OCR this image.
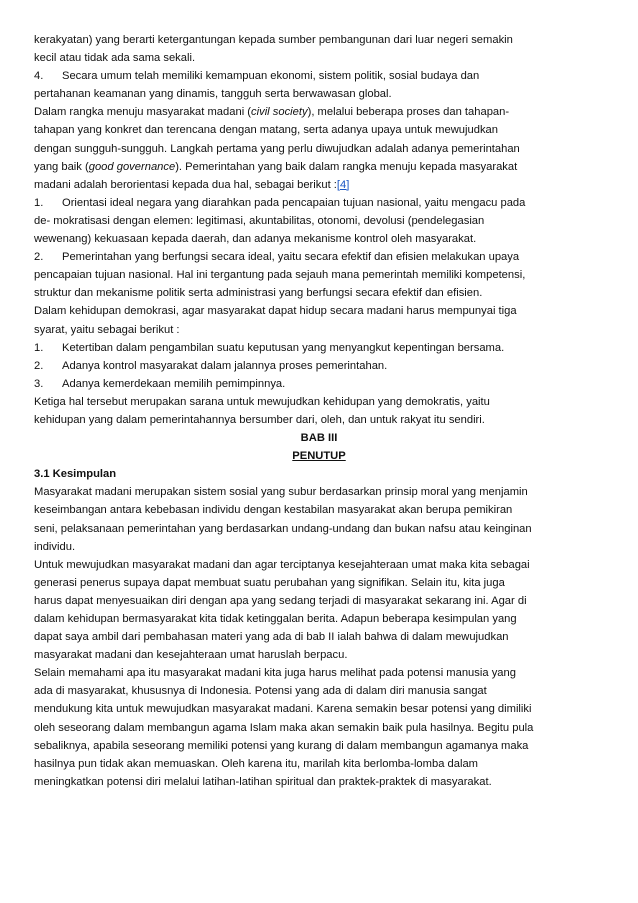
kerakyatan) yang berarti ketergantungan kepada sumber pembangunan dari luar negeri semakin

kecil atau tidak ada sama sekali.

4. Secara umum telah memiliki kemampuan ekonomi, sistem politik, sosial budaya dan

pertahanan keamanan yang dinamis, tangguh serta berwawasan global.

Dalam rangka menuju masyarakat madani (civil society), melalui beberapa proses dan tahapan-

tahapan yang konkret dan terencana dengan matang, serta adanya upaya untuk mewujudkan

dengan sungguh-sungguh. Langkah pertama yang perlu diwujudkan adalah adanya pemerintahan

yang baik (good governance). Pemerintahan yang baik dalam rangka menuju kepada masyarakat

madani adalah berorientasi kepada dua hal, sebagai berikut :[4]

1. Orientasi ideal negara yang diarahkan pada pencapaian tujuan nasional, yaitu mengacu pada

de- mokratisasi dengan elemen: legitimasi, akuntabilitas, otonomi, devolusi (pendelegasian

wewenang) kekuasaan kepada daerah, dan adanya mekanisme kontrol oleh masyarakat.

2. Pemerintahan yang berfungsi secara ideal, yaitu secara efektif dan efisien melakukan upaya

pencapaian tujuan nasional. Hal ini tergantung pada sejauh mana pemerintah memiliki kompetensi,

struktur dan mekanisme politik serta administrasi yang berfungsi secara efektif dan efisien.

Dalam kehidupan demokrasi, agar masyarakat dapat hidup secara madani harus mempunyai tiga

syarat, yaitu sebagai berikut :

1. Ketertiban dalam pengambilan suatu keputusan yang menyangkut kepentingan bersama.

2. Adanya kontrol masyarakat dalam jalannya proses pemerintahan.

3. Adanya kemerdekaan memilih pemimpinnya.

Ketiga hal tersebut merupakan sarana untuk mewujudkan kehidupan yang demokratis, yaitu

kehidupan yang dalam pemerintahannya bersumber dari, oleh, dan untuk rakyat itu sendiri.

BAB III

PENUTUP

3.1 Kesimpulan

Masyarakat madani merupakan sistem sosial yang subur berdasarkan prinsip moral yang menjamin

keseimbangan antara kebebasan individu dengan kestabilan masyarakat akan berupa pemikiran

seni, pelaksanaan pemerintahan yang berdasarkan undang-undang dan bukan nafsu atau keinginan

individu.

Untuk mewujudkan masyarakat madani dan agar terciptanya kesejahteraan umat maka kita sebagai

generasi penerus supaya dapat membuat suatu perubahan yang signifikan. Selain itu, kita juga

harus dapat menyesuaikan diri dengan apa yang sedang terjadi di masyarakat sekarang ini. Agar di

dalam kehidupan bermasyarakat kita tidak ketinggalan berita. Adapun beberapa kesimpulan yang

dapat saya ambil dari pembahasan materi yang ada di bab II ialah bahwa di dalam mewujudkan

masyarakat madani dan kesejahteraan umat haruslah berpacu.

Selain memahami apa itu masyarakat madani kita juga harus melihat pada potensi manusia yang

ada di masyarakat, khususnya di Indonesia. Potensi yang ada di dalam diri manusia sangat

mendukung kita untuk mewujudkan masyarakat madani. Karena semakin besar potensi yang dimiliki

oleh seseorang dalam membangun agama Islam maka akan semakin baik pula hasilnya. Begitu pula

sebaliknya, apabila seseorang memiliki potensi yang kurang di dalam membangun agamanya maka

hasilnya pun tidak akan memuaskan. Oleh karena itu, marilah kita berlomba-lomba dalam

meningkatkan potensi diri melalui latihan-latihan spiritual dan praktek-praktek di masyarakat.
